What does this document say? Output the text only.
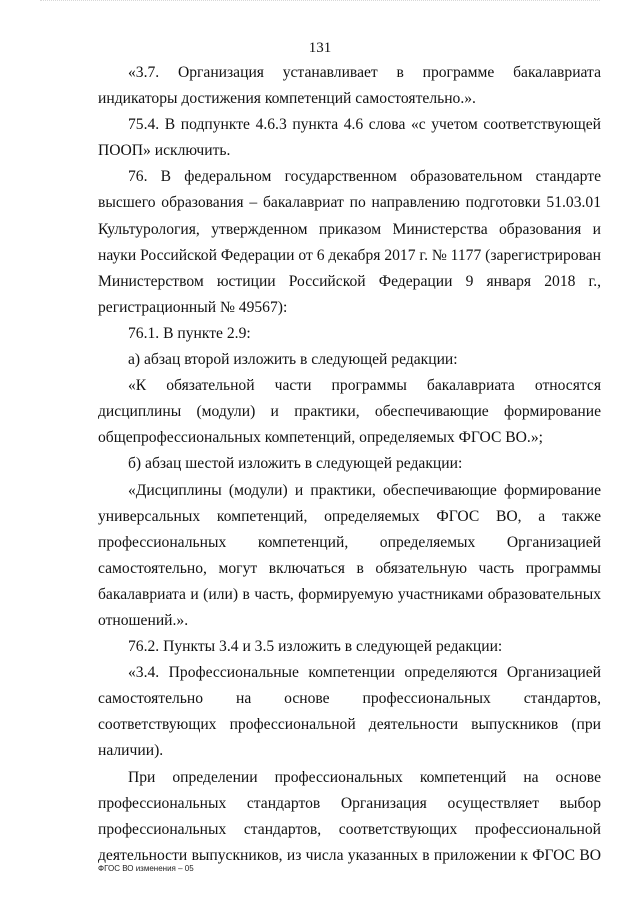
131

«3.7. Организация устанавливает в программе бакалавриата индикаторы достижения компетенций самостоятельно.».

75.4. В подпункте 4.6.3 пункта 4.6 слова «с учетом соответствующей ПООП» исключить.

76. В федеральном государственном образовательном стандарте высшего образования – бакалавриат по направлению подготовки 51.03.01 Культурология, утвержденном приказом Министерства образования и науки Российской Федерации от 6 декабря 2017 г. № 1177 (зарегистрирован Министерством юстиции Российской Федерации 9 января 2018 г., регистрационный № 49567):

76.1. В пункте 2.9:

а) абзац второй изложить в следующей редакции:

«К обязательной части программы бакалавриата относятся дисциплины (модули) и практики, обеспечивающие формирование общепрофессиональных компетенций, определяемых ФГОС ВО.»;

б) абзац шестой изложить в следующей редакции:

«Дисциплины (модули) и практики, обеспечивающие формирование универсальных компетенций, определяемых ФГОС ВО, а также профессиональных компетенций, определяемых Организацией самостоятельно, могут включаться в обязательную часть программы бакалавриата и (или) в часть, формируемую участниками образовательных отношений.».

76.2. Пункты 3.4 и 3.5 изложить в следующей редакции:

«3.4. Профессиональные компетенции определяются Организацией самостоятельно на основе профессиональных стандартов, соответствующих профессиональной деятельности выпускников (при наличии).

При определении профессиональных компетенций на основе профессиональных стандартов Организация осуществляет выбор профессиональных стандартов, соответствующих профессиональной деятельности выпускников, из числа указанных в приложении к ФГОС ВО

ФГОС ВО изменения – 05
